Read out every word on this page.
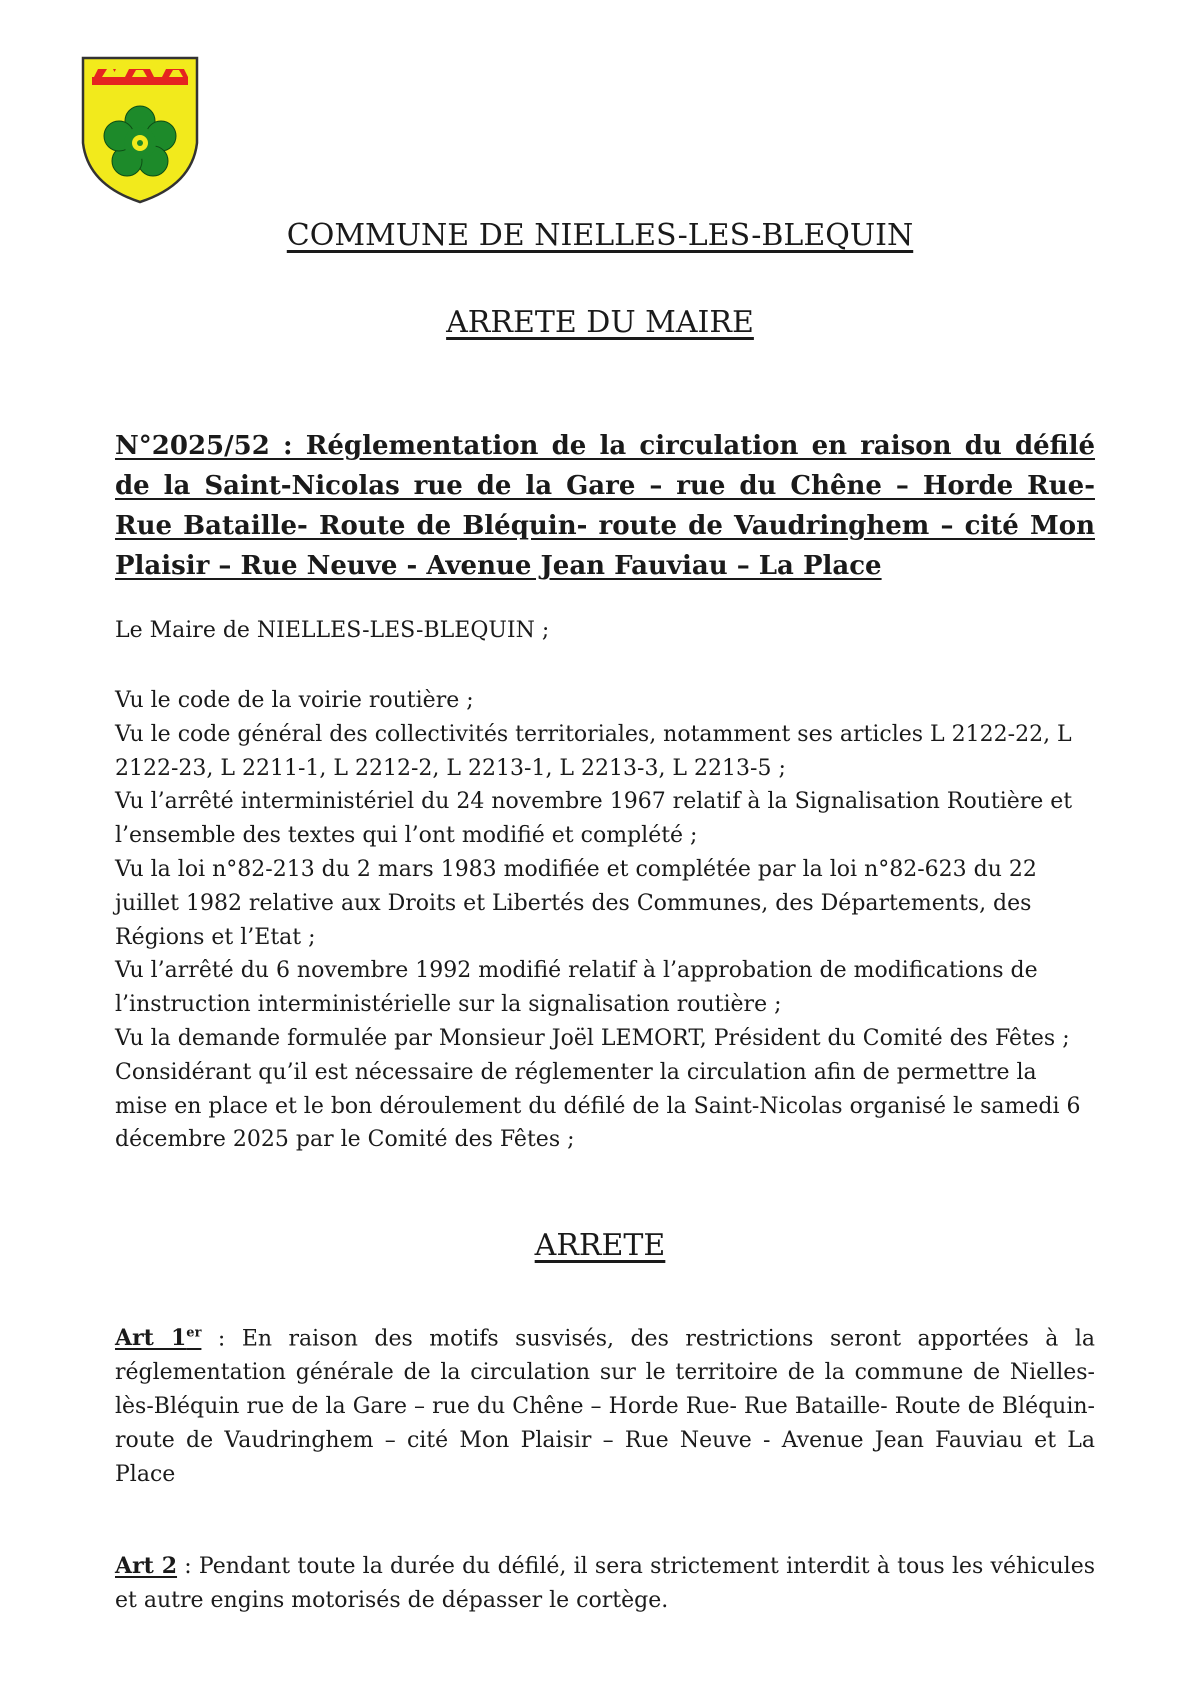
COMMUNE DE NIELLES-LES-BLEQUIN
ARRETE DU MAIRE
N°2025/52 : Réglementation de la circulation en raison du défilé de la Saint-Nicolas rue de la Gare – rue du Chêne – Horde Rue- Rue Bataille- Route de Bléquin- route de Vaudringhem – cité Mon Plaisir – Rue Neuve - Avenue Jean Fauviau – La Place
Le Maire de NIELLES-LES-BLEQUIN ;

Vu le code de la voirie routière ;

Vu le code général des collectivités territoriales, notamment ses articles L 2122-22, L 2122-23, L 2211-1, L 2212-2, L 2213-1, L 2213-3, L 2213-5 ;

Vu l’arrêté interministériel du 24 novembre 1967 relatif à la Signalisation Routière et l’ensemble des textes qui l’ont modifié et complété ;

Vu la loi n°82-213 du 2 mars 1983 modifiée et complétée par la loi n°82-623 du 22 juillet 1982 relative aux Droits et Libertés des Communes, des Départements, des Régions et l’Etat ;

Vu l’arrêté du 6 novembre 1992 modifié relatif à l’approbation de modifications de l’instruction interministérielle sur la signalisation routière ;

Vu la demande formulée par Monsieur Joël LEMORT, Président du Comité des Fêtes ;

Considérant qu’il est nécessaire de réglementer la circulation afin de permettre la mise en place et le bon déroulement du défilé de la Saint-Nicolas organisé le samedi 6 décembre 2025 par le Comité des Fêtes ;

ARRETE
Art 1er : En raison des motifs susvisés, des restrictions seront apportées à la réglementation générale de la circulation sur le territoire de la commune de Nielles-lès-Bléquin rue de la Gare – rue du Chêne – Horde Rue- Rue Bataille- Route de Bléquin- route de Vaudringhem – cité Mon Plaisir – Rue Neuve - Avenue Jean Fauviau et La Place
Art 2 : Pendant toute la durée du défilé, il sera strictement interdit à tous les véhicules et autre engins motorisés de dépasser le cortège.
